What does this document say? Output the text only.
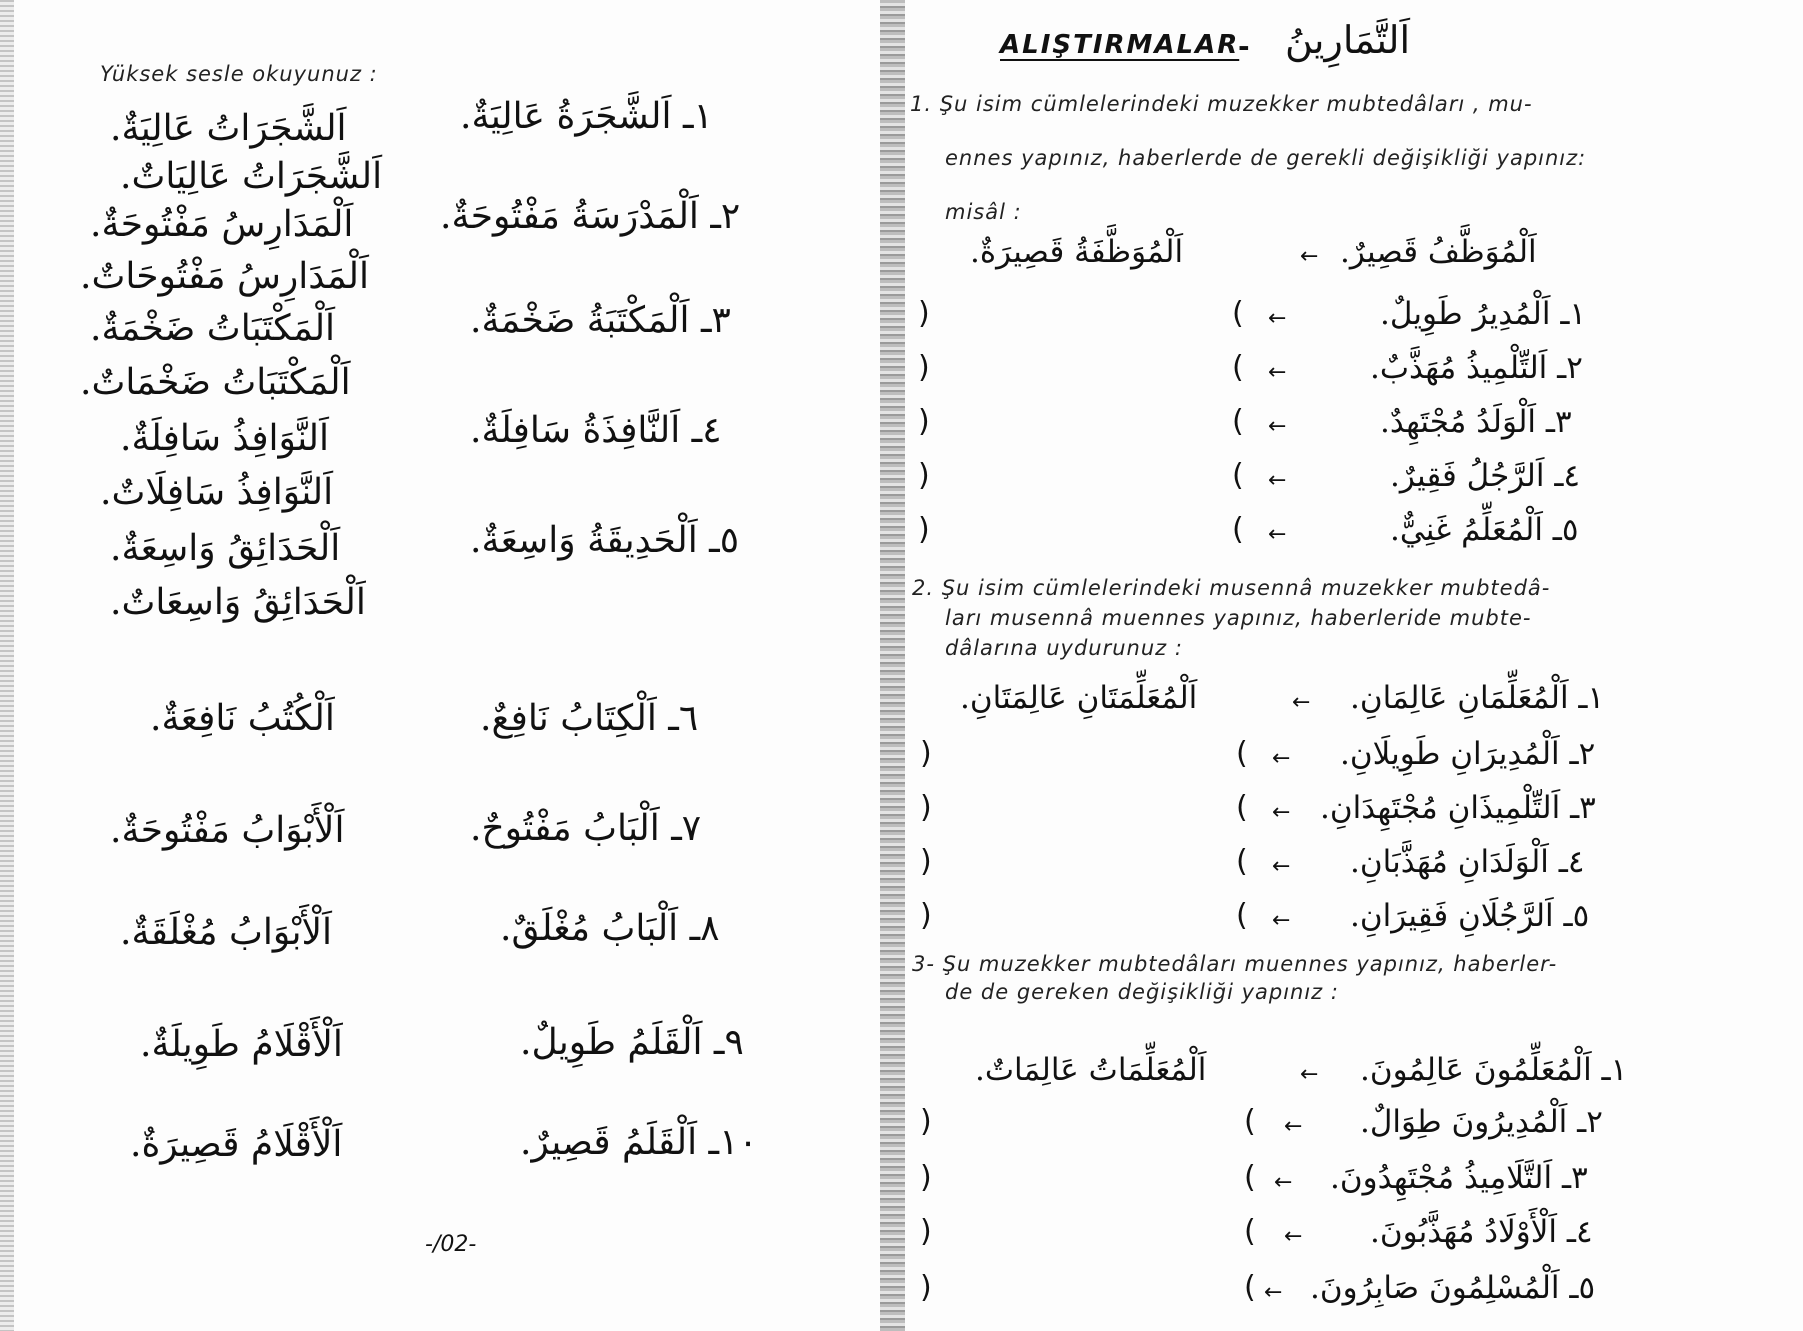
Yüksek sesle okuyunuz :
١ـ اَلشَّجَرَةُ عَالِيَةٌ.
اَلشَّجَرَاتُ عَالِيَةٌ.
اَلشَّجَرَاتُ عَالِيَاتٌ.
٢ـ اَلْمَدْرَسَةُ مَفْتُوحَةٌ.
اَلْمَدَارِسُ مَفْتُوحَةٌ.
اَلْمَدَارِسُ مَفْتُوحَاتٌ.
٣ـ اَلْمَكْتَبَةُ ضَخْمَةٌ.
اَلْمَكْتَبَاتُ ضَخْمَةٌ.
اَلْمَكْتَبَاتُ ضَخْمَاتٌ.
٤ـ اَلنَّافِذَةُ سَافِلَةٌ.
اَلنَّوَافِذُ سَافِلَةٌ.
اَلنَّوَافِذُ سَافِلَاتٌ.
٥ـ اَلْحَدِيقَةُ وَاسِعَةٌ.
اَلْحَدَائِقُ وَاسِعَةٌ.
اَلْحَدَائِقُ وَاسِعَاتٌ.
٦ـ اَلْكِتَابُ نَافِعٌ.
اَلْكُتُبُ نَافِعَةٌ.
٧ـ اَلْبَابُ مَفْتُوحٌ.
اَلْأَبْوَابُ مَفْتُوحَةٌ.
٨ـ اَلْبَابُ مُغْلَقٌ.
اَلْأَبْوَابُ مُغْلَقَةٌ.
٩ـ اَلْقَلَمُ طَوِيلٌ.
اَلْأَقْلَامُ طَوِيلَةٌ.
١٠ـ اَلْقَلَمُ قَصِيرٌ.
اَلْأَقْلَامُ قَصِيرَةٌ.
-/02-
ALIŞTIRMALAR
- اَلتَّمَارِينُ
1. Şu isim cümlelerindeki muzekker mubtedâları , mu-
ennes yapınız, haberlerde de gerekli değişikliği yapınız:
misâl :
اَلْمُوَظَّفُ قَصِيرٌ.
←
اَلْمُوَظَّفَةُ قَصِيرَةٌ.
١ـ اَلْمُدِيرُ طَوِيلٌ.
←
(
)
٢ـ اَلتِّلْمِيذُ مُهَذَّبٌ.
←
(
)
٣ـ اَلْوَلَدُ مُجْتَهِدٌ.
←
(
)
٤ـ اَلرَّجُلُ فَقِيرٌ.
←
(
)
٥ـ اَلْمُعَلِّمُ غَنِيٌّ.
←
(
)
2. Şu isim cümlelerindeki musennâ muzekker mubtedâ-
ları musennâ muennes yapınız, haberleride mubte-
dâlarına uydurunuz :
١ـ اَلْمُعَلِّمَانِ عَالِمَانِ.
←
اَلْمُعَلِّمَتَانِ عَالِمَتَانِ.
٢ـ اَلْمُدِيرَانِ طَوِيلَانِ.
←
(
)
٣ـ اَلتِّلْمِيذَانِ مُجْتَهِدَانِ.
←
(
)
٤ـ اَلْوَلَدَانِ مُهَذَّبَانِ.
←
(
)
٥ـ اَلرَّجُلَانِ فَقِيرَانِ.
←
(
)
3- Şu muzekker mubtedâları muennes yapınız, haberler-
de de gereken değişikliği yapınız :
١ـ اَلْمُعَلِّمُونَ عَالِمُونَ.
←
اَلْمُعَلِّمَاتُ عَالِمَاتٌ.
٢ـ اَلْمُدِيرُونَ طِوَالٌ.
←
(
)
٣ـ اَلتَّلَامِيذُ مُجْتَهِدُونَ.
←
(
)
٤ـ اَلْأَوْلَادُ مُهَذَّبُونَ.
←
(
)
٥ـ اَلْمُسْلِمُونَ صَابِرُونَ.
←
(
)
